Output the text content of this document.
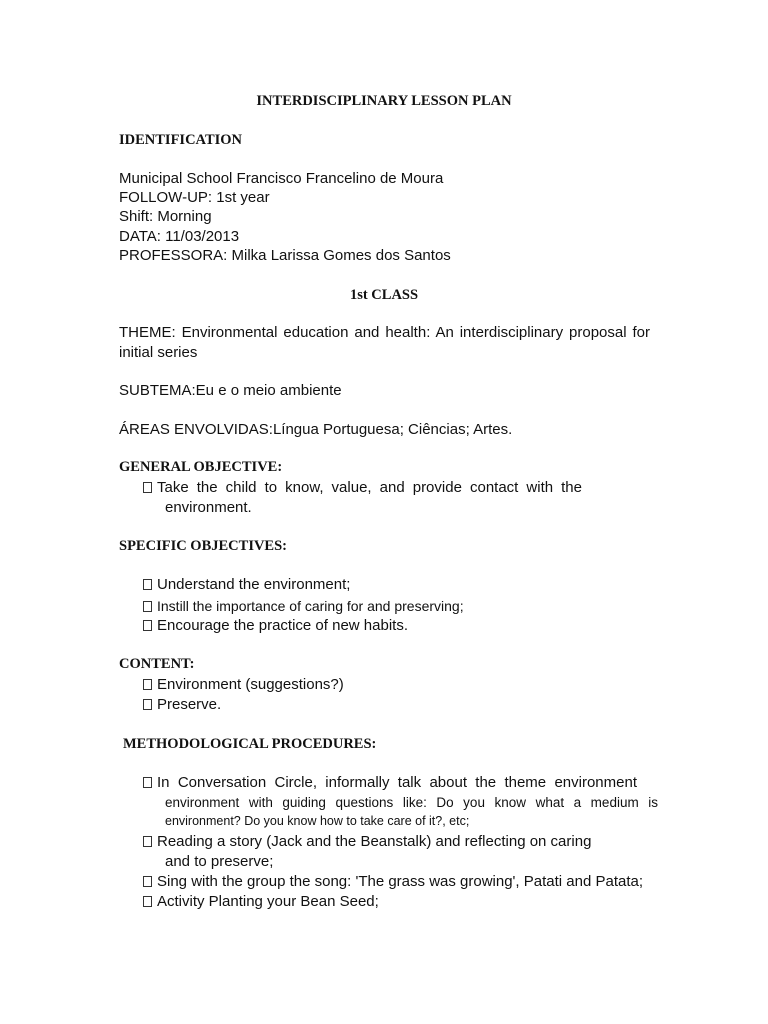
INTERDISCIPLINARY LESSON PLAN
IDENTIFICATION
Municipal School Francisco Francelino de Moura
FOLLOW-UP: 1st year
Shift: Morning
DATA: 11/03/2013
PROFESSORA: Milka Larissa Gomes dos Santos
1st CLASS
THEME: Environmental education and health: An interdisciplinary proposal for initial series
SUBTEMA:Eu e o meio ambiente
ÁREAS ENVOLVIDAS:Língua Portuguesa; Ciências; Artes.
GENERAL OBJECTIVE:
Take the child to know, value, and provide contact with the
environment.
SPECIFIC OBJECTIVES:
Understand the environment;
Instill the importance of caring for and preserving;
Encourage the practice of new habits.
CONTENT:
Environment (suggestions?)
Preserve.
METHODOLOGICAL PROCEDURES:
In Conversation Circle, informally talk about the theme environment
environment with guiding questions like: Do you know what a medium is
environment? Do you know how to take care of it?, etc;
Reading a story (Jack and the Beanstalk) and reflecting on caring
and to preserve;
Sing with the group the song: 'The grass was growing', Patati and Patata;
Activity Planting your Bean Seed;
